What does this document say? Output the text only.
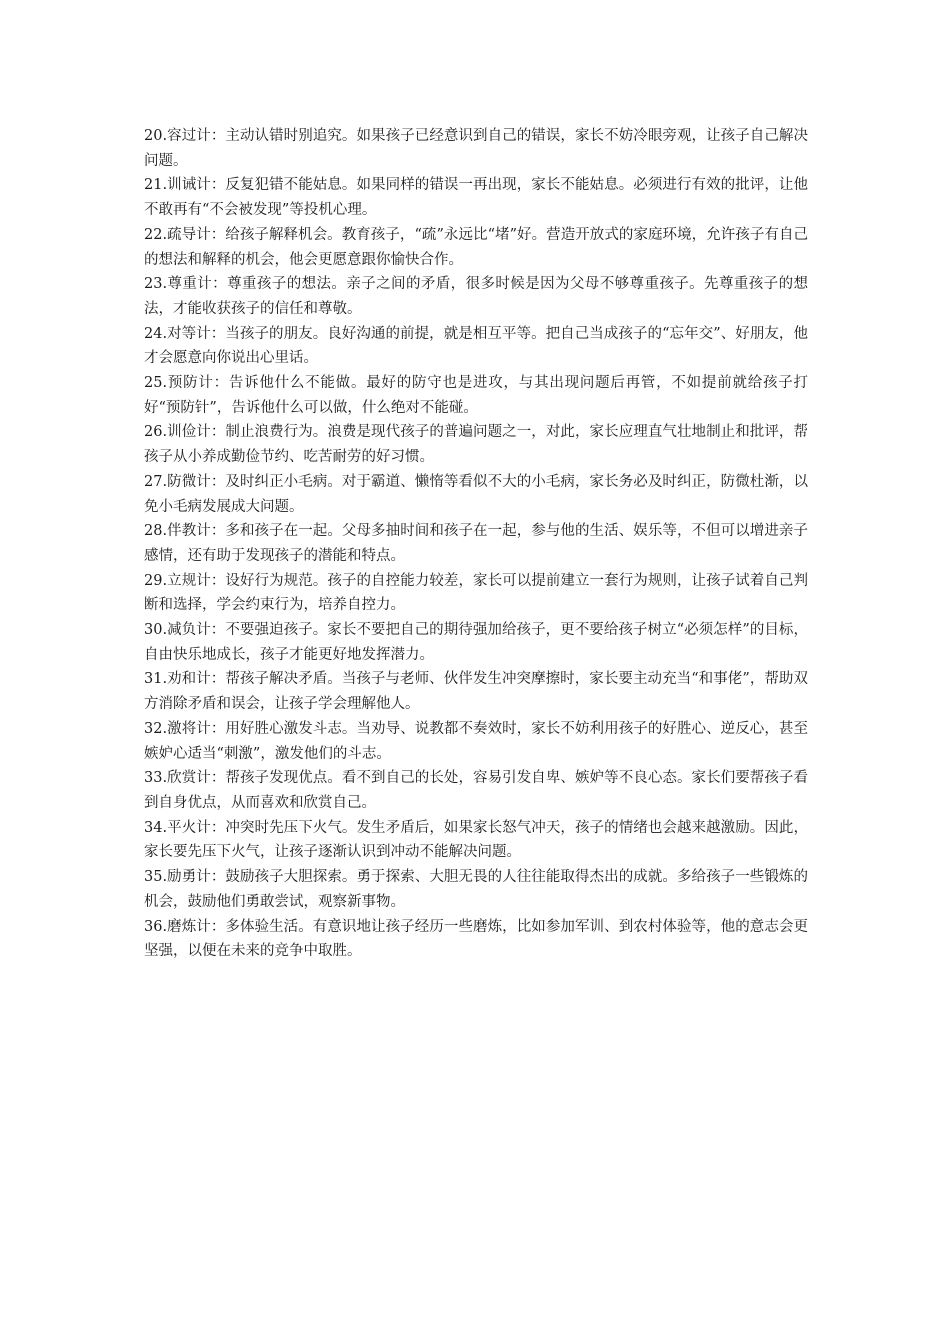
20.容过计：主动认错时别追究。如果孩子已经意识到自己的错误，家长不妨冷眼旁观，让孩子自己解决问题。

21.训诫计：反复犯错不能姑息。如果同样的错误一再出现，家长不能姑息。必须进行有效的批评，让他不敢再有“不会被发现”等投机心理。

22.疏导计：给孩子解释机会。教育孩子，“疏”永远比“堵”好。营造开放式的家庭环境，允许孩子有自己的想法和解释的机会，他会更愿意跟你愉快合作。

23.尊重计：尊重孩子的想法。亲子之间的矛盾，很多时候是因为父母不够尊重孩子。先尊重孩子的想法，才能收获孩子的信任和尊敬。

24.对等计：当孩子的朋友。良好沟通的前提，就是相互平等。把自己当成孩子的“忘年交”、好朋友，他才会愿意向你说出心里话。

25.预防计：告诉他什么不能做。最好的防守也是进攻，与其出现问题后再管，不如提前就给孩子打好“预防针”，告诉他什么可以做，什么绝对不能碰。

26.训俭计：制止浪费行为。浪费是现代孩子的普遍问题之一，对此，家长应理直气壮地制止和批评，帮孩子从小养成勤俭节约、吃苦耐劳的好习惯。

27.防微计：及时纠正小毛病。对于霸道、懒惰等看似不大的小毛病，家长务必及时纠正，防微杜渐，以免小毛病发展成大问题。

28.伴教计：多和孩子在一起。父母多抽时间和孩子在一起，参与他的生活、娱乐等，不但可以增进亲子感情，还有助于发现孩子的潜能和特点。

29.立规计：设好行为规范。孩子的自控能力较差，家长可以提前建立一套行为规则，让孩子试着自己判断和选择，学会约束行为，培养自控力。

30.减负计：不要强迫孩子。家长不要把自己的期待强加给孩子，更不要给孩子树立“必须怎样”的目标，自由快乐地成长，孩子才能更好地发挥潜力。

31.劝和计：帮孩子解决矛盾。当孩子与老师、伙伴发生冲突摩擦时，家长要主动充当“和事佬”，帮助双方消除矛盾和误会，让孩子学会理解他人。

32.激将计：用好胜心激发斗志。当劝导、说教都不奏效时，家长不妨利用孩子的好胜心、逆反心，甚至嫉妒心适当“刺激”，激发他们的斗志。

33.欣赏计：帮孩子发现优点。看不到自己的长处，容易引发自卑、嫉妒等不良心态。家长们要帮孩子看到自身优点，从而喜欢和欣赏自己。

34.平火计：冲突时先压下火气。发生矛盾后，如果家长怒气冲天，孩子的情绪也会越来越激励。因此，家长要先压下火气，让孩子逐渐认识到冲动不能解决问题。

35.励勇计：鼓励孩子大胆探索。勇于探索、大胆无畏的人往往能取得杰出的成就。多给孩子一些锻炼的机会，鼓励他们勇敢尝试，观察新事物。

36.磨炼计：多体验生活。有意识地让孩子经历一些磨炼，比如参加军训、到农村体验等，他的意志会更坚强，以便在未来的竞争中取胜。
